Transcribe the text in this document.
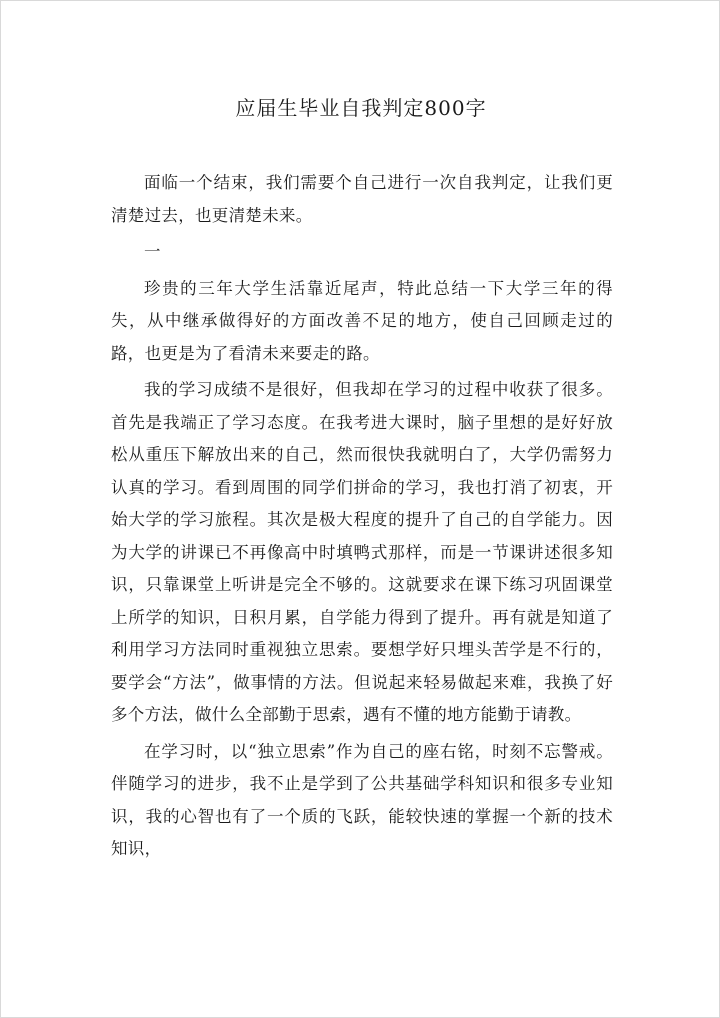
应届生毕业自我判定800字

面临一个结束，我们需要个自己进行一次自我判定，让我们更清楚过去，也更清楚未来。

一

珍贵的三年大学生活靠近尾声，特此总结一下大学三年的得失，从中继承做得好的方面改善不足的地方，使自己回顾走过的路，也更是为了看清未来要走的路。

我的学习成绩不是很好，但我却在学习的过程中收获了很多。首先是我端正了学习态度。在我考进大课时，脑子里想的是好好放松从重压下解放出来的自己，然而很快我就明白了，大学仍需努力认真的学习。看到周围的同学们拼命的学习，我也打消了初衷，开始大学的学习旅程。其次是极大程度的提升了自己的自学能力。因为大学的讲课已不再像高中时填鸭式那样，而是一节课讲述很多知识，只靠课堂上听讲是完全不够的。这就要求在课下练习巩固课堂上所学的知识，日积月累，自学能力得到了提升。再有就是知道了利用学习方法同时重视独立思索。要想学好只埋头苦学是不行的，要学会“方法”，做事情的方法。但说起来轻易做起来难，我换了好多个方法，做什么全部勤于思索，遇有不懂的地方能勤于请教。

在学习时，以“独立思索”作为自己的座右铭，时刻不忘警戒。伴随学习的进步，我不止是学到了公共基础学科知识和很多专业知识，我的心智也有了一个质的飞跃，能较快速的掌握一个新的技术知识，
